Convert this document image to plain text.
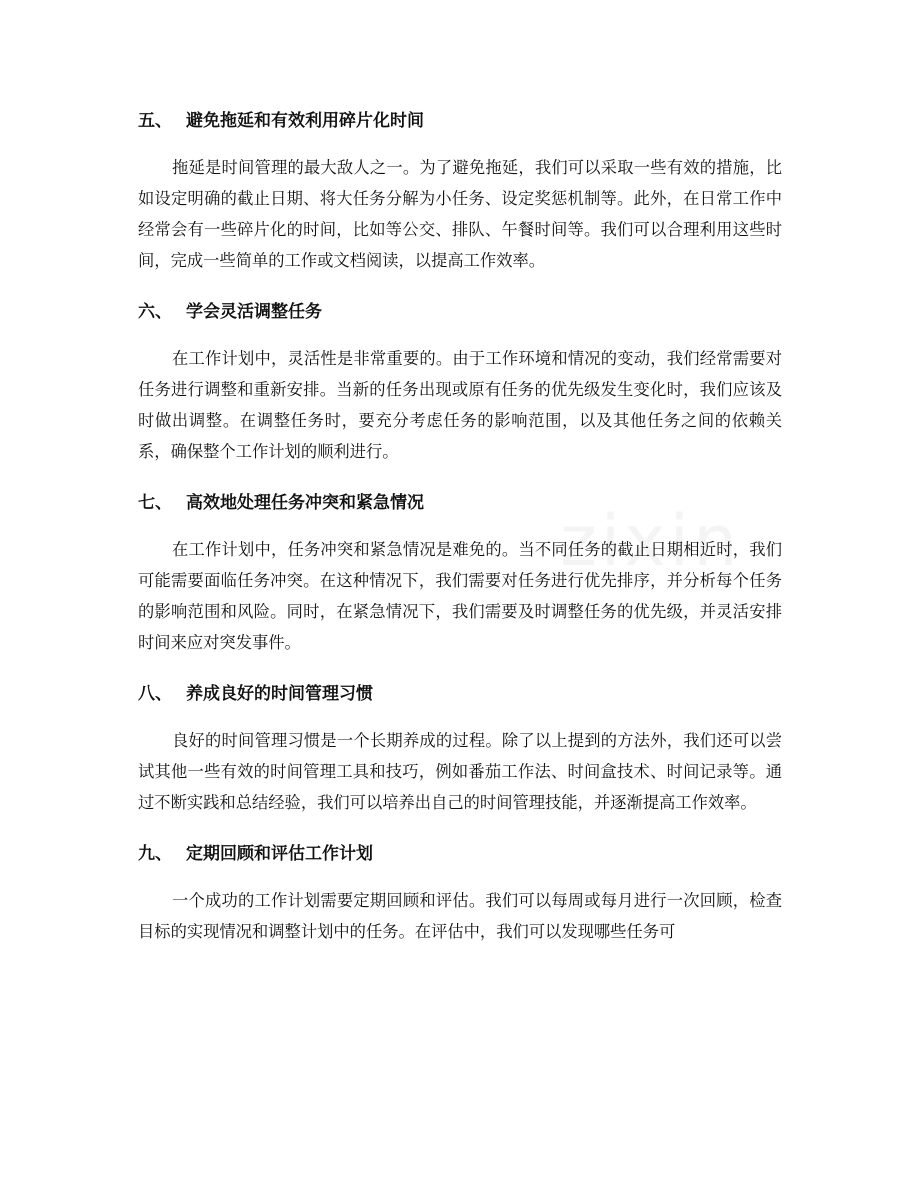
五、 避免拖延和有效利用碎片化时间

拖延是时间管理的最大敌人之一。为了避免拖延，我们可以采取一些有效的措施，比如设定明确的截止日期、将大任务分解为小任务、设定奖惩机制等。此外，在日常工作中经常会有一些碎片化的时间，比如等公交、排队、午餐时间等。我们可以合理利用这些时间，完成一些简单的工作或文档阅读，以提高工作效率。

六、 学会灵活调整任务

在工作计划中，灵活性是非常重要的。由于工作环境和情况的变动，我们经常需要对任务进行调整和重新安排。当新的任务出现或原有任务的优先级发生变化时，我们应该及时做出调整。在调整任务时，要充分考虑任务的影响范围，以及其他任务之间的依赖关系，确保整个工作计划的顺利进行。

七、 高效地处理任务冲突和紧急情况

在工作计划中，任务冲突和紧急情况是难免的。当不同任务的截止日期相近时，我们可能需要面临任务冲突。在这种情况下，我们需要对任务进行优先排序，并分析每个任务的影响范围和风险。同时，在紧急情况下，我们需要及时调整任务的优先级，并灵活安排时间来应对突发事件。

八、 养成良好的时间管理习惯

良好的时间管理习惯是一个长期养成的过程。除了以上提到的方法外，我们还可以尝试其他一些有效的时间管理工具和技巧，例如番茄工作法、时间盒技术、时间记录等。通过不断实践和总结经验，我们可以培养出自己的时间管理技能，并逐渐提高工作效率。

九、 定期回顾和评估工作计划

一个成功的工作计划需要定期回顾和评估。我们可以每周或每月进行一次回顾，检查目标的实现情况和调整计划中的任务。在评估中，我们可以发现哪些任务可
